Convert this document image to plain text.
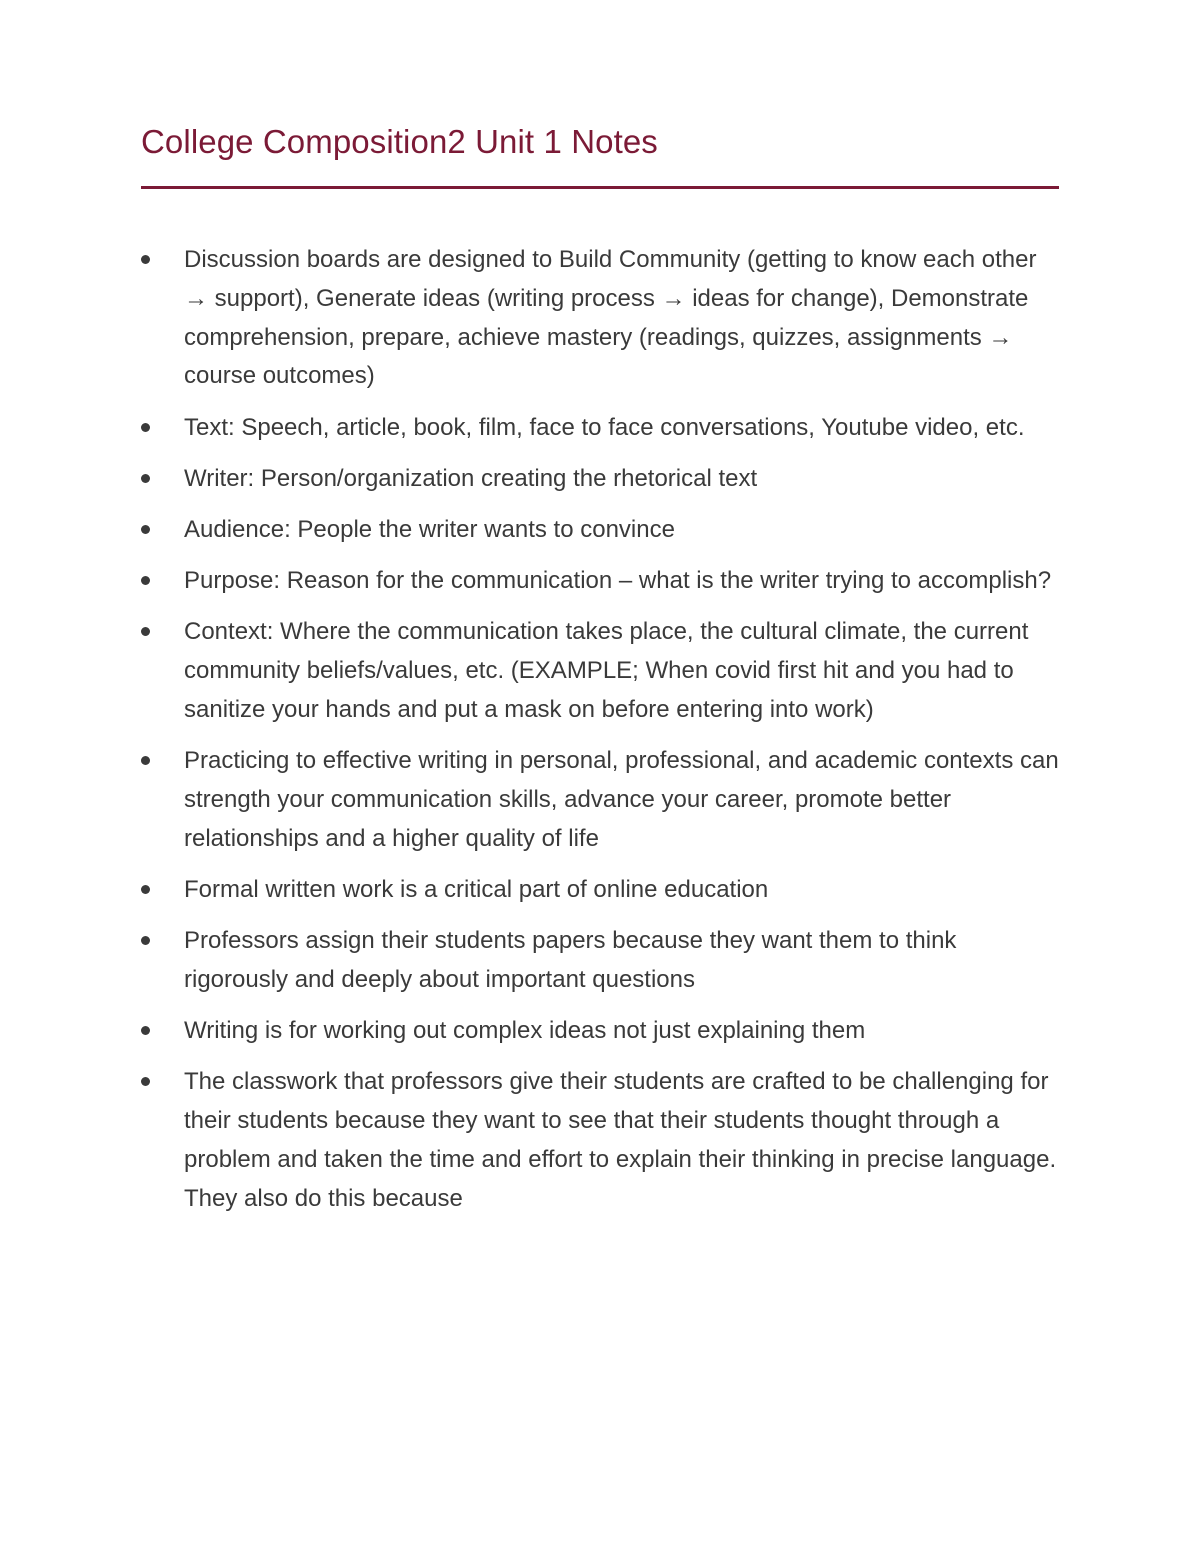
College Composition2 Unit 1 Notes
Discussion boards are designed to Build Community (getting to know each other → support), Generate ideas (writing process → ideas for change), Demonstrate comprehension, prepare, achieve mastery (readings, quizzes, assignments → course outcomes)
Text: Speech, article, book, film, face to face conversations, Youtube video, etc.
Writer: Person/organization creating the rhetorical text
Audience: People the writer wants to convince
Purpose: Reason for the communication – what is the writer trying to accomplish?
Context: Where the communication takes place, the cultural climate, the current community beliefs/values, etc. (EXAMPLE; When covid first hit and you had to sanitize your hands and put a mask on before entering into work)
Practicing to effective writing in personal, professional, and academic contexts can strength your communication skills, advance your career, promote better relationships and a higher quality of life
Formal written work is a critical part of online education
Professors assign their students papers because they want them to think rigorously and deeply about important questions
Writing is for working out complex ideas not just explaining them
The classwork that professors give their students are crafted to be challenging for their students because they want to see that their students thought through a problem and taken the time and effort to explain their thinking in precise language. They also do this because
